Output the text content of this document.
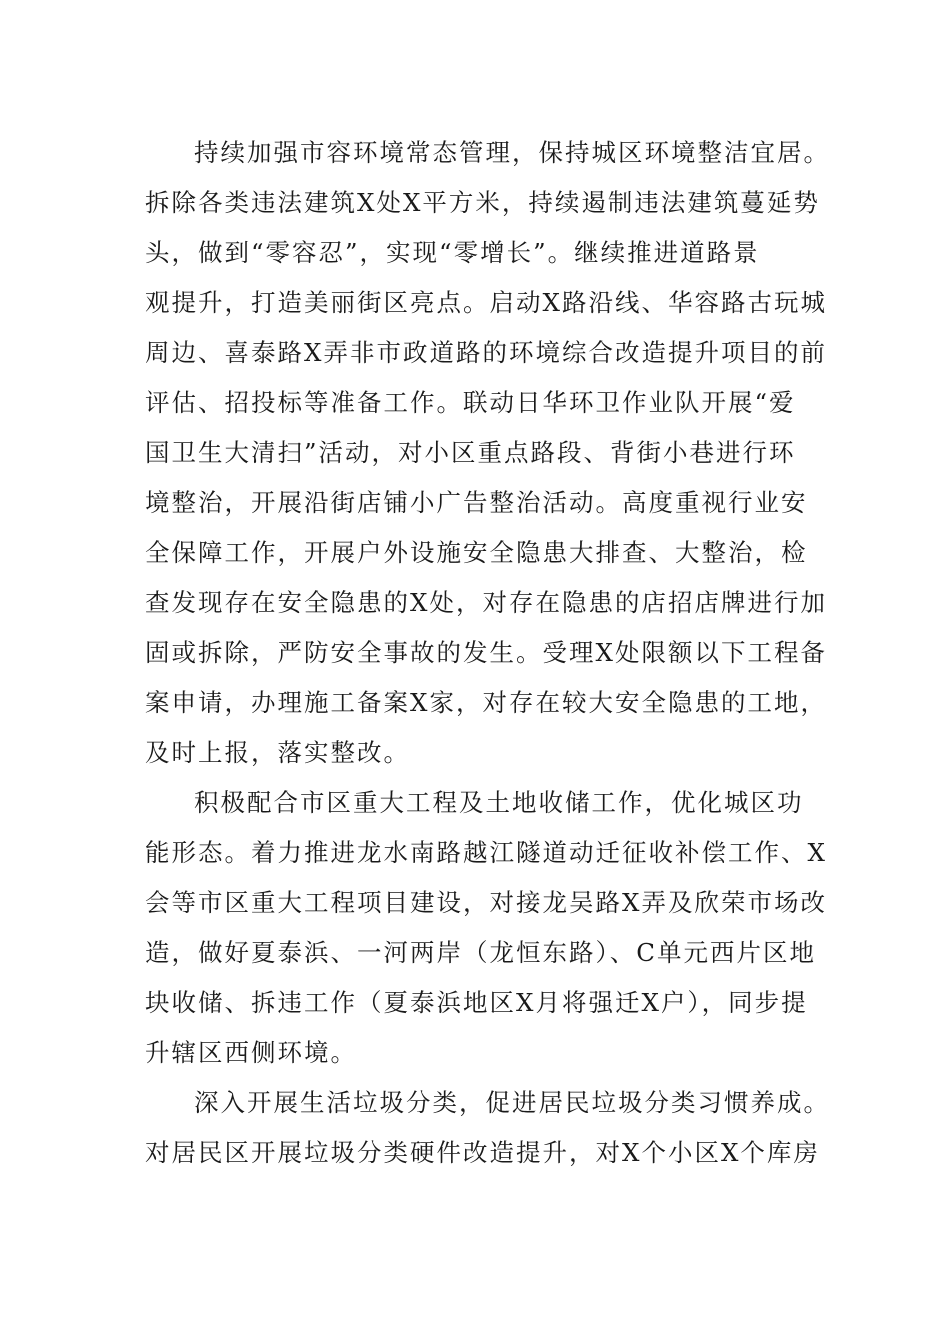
持续加强市容环境常态管理，保持城区环境整洁宜居。
拆除各类违法建筑X处X平方米，持续遏制违法建筑蔓延势
头，做到“零容忍”，实现“零增长”。继续推进道路景
观提升，打造美丽街区亮点。启动X路沿线、华容路古玩城
周边、喜泰路X弄非市政道路的环境综合改造提升项目的前
评估、招投标等准备工作。联动日华环卫作业队开展“爱
国卫生大清扫”活动，对小区重点路段、背街小巷进行环
境整治，开展沿街店铺小广告整治活动。高度重视行业安
全保障工作，开展户外设施安全隐患大排查、大整治，检
查发现存在安全隐患的X处，对存在隐患的店招店牌进行加
固或拆除，严防安全事故的发生。受理X处限额以下工程备
案申请，办理施工备案X家，对存在较大安全隐患的工地，
及时上报，落实整改。
积极配合市区重大工程及土地收储工作，优化城区功
能形态。着力推进龙水南路越江隧道动迁征收补偿工作、X
会等市区重大工程项目建设，对接龙吴路X弄及欣荣市场改
造，做好夏泰浜、一河两岸（龙恒东路）、C单元西片区地
块收储、拆违工作（夏泰浜地区X月将强迁X户），同步提
升辖区西侧环境。
深入开展生活垃圾分类，促进居民垃圾分类习惯养成。
对居民区开展垃圾分类硬件改造提升，对X个小区X个库房
